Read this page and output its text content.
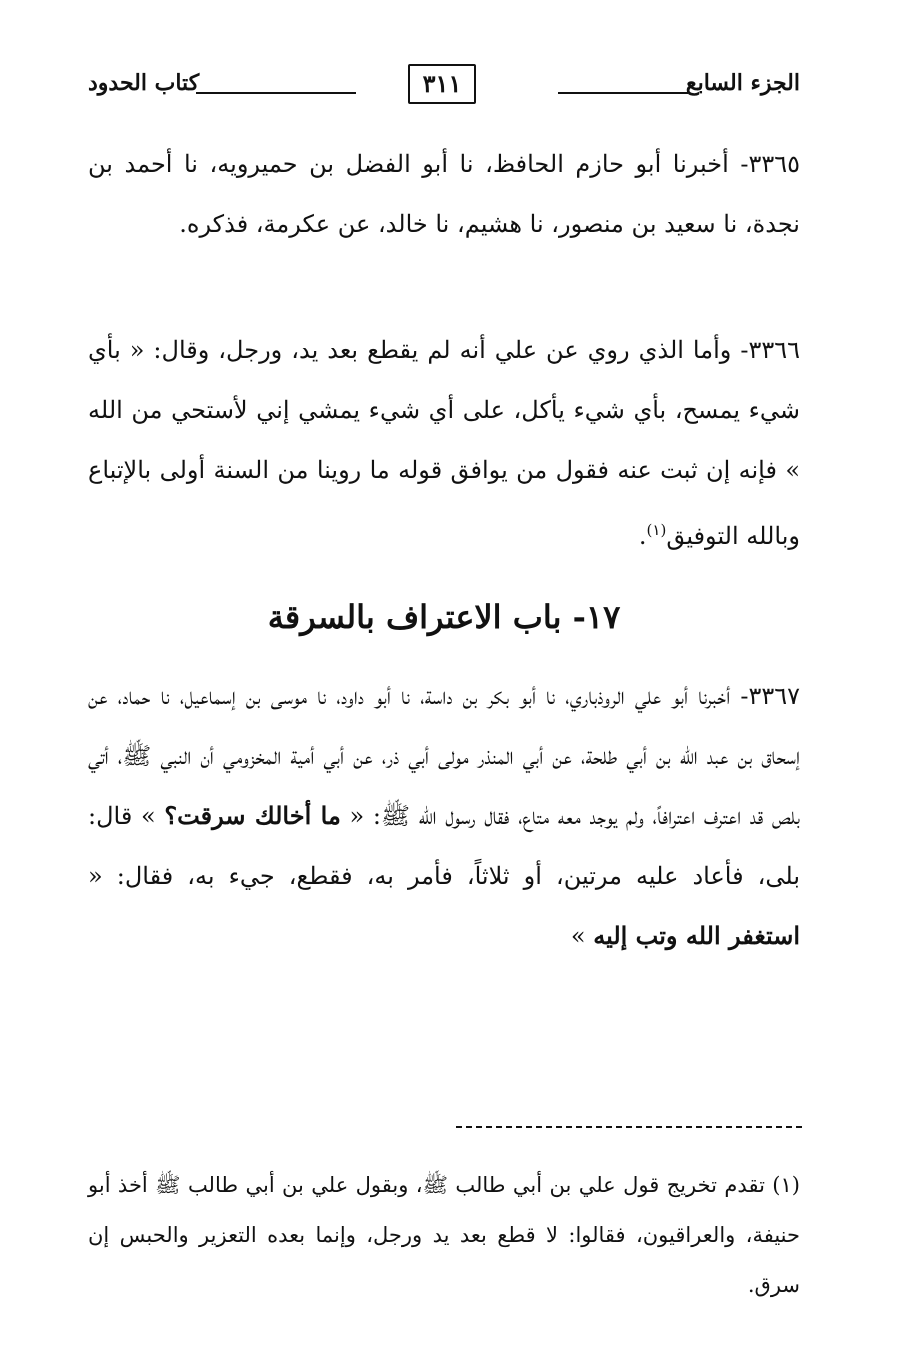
الجزء السابع
٣١١
كتاب الحدود
٣٣٦٥- أخبرنا أبو حازم الحافظ، نا أبو الفضل بن حميرويه، نا أحمد بن نجدة، نا سعيد بن منصور، نا هشيم، نا خالد، عن عكرمة، فذكره.
٣٣٦٦- وأما الذي روي عن علي أنه لم يقطع بعد يد، ورجل، وقال: « بأي شيء يمسح، بأي شيء يأكل، على أي شيء يمشي إني لأستحي من الله » فإنه إن ثبت عنه فقول من يوافق قوله ما روينا من السنة أولى بالإتباع وبالله التوفيق$^{(١)}$.
١٧- باب الاعتراف بالسرقة
٣٣٦٧- أخبرنا أبو علي الروذباري، نا أبو بكر بن داسة، نا أبو داود، نا موسى بن إسماعيل، نا حماد، عن إسحاق بن عبد الله بن أبي طلحة، عن أبي المنذر مولى أبي ذر، عن أبي أمية المخزومي أن النبي ﷺ، أتي بلص قد اعترف اعترافاً، ولم يوجد معه متاع، فقال رسول الله ﷺ: « ما أخالك سرقت؟ » قال: بلى، فأعاد عليه مرتين، أو ثلاثاً، فأمر به، فقطع، جيء به، فقال: « استغفر الله وتب إليه »
(١) تقدم تخريج قول علي بن أبي طالب ﷺ، وبقول علي بن أبي طالب ﷺ أخذ أبو حنيفة، والعراقيون، فقالوا: لا قطع بعد يد ورجل، وإنما بعده التعزير والحبس إن سرق.
